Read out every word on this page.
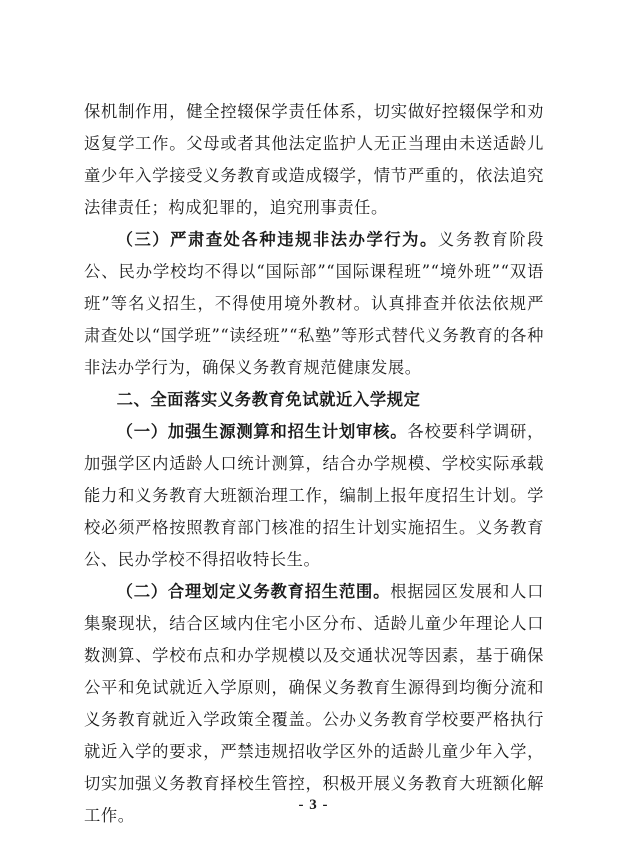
保机制作用，健全控辍保学责任体系，切实做好控辍保学和劝返复学工作。父母或者其他法定监护人无正当理由未送适龄儿童少年入学接受义务教育或造成辍学，情节严重的，依法追究法律责任；构成犯罪的，追究刑事责任。

（三）严肃查处各种违规非法办学行为。义务教育阶段公、民办学校均不得以“国际部”“国际课程班”“境外班”“双语班”等名义招生，不得使用境外教材。认真排查并依法依规严肃查处以“国学班”“读经班”“私塾”等形式替代义务教育的各种非法办学行为，确保义务教育规范健康发展。

二、全面落实义务教育免试就近入学规定

（一）加强生源测算和招生计划审核。各校要科学调研，加强学区内适龄人口统计测算，结合办学规模、学校实际承载能力和义务教育大班额治理工作，编制上报年度招生计划。学校必须严格按照教育部门核准的招生计划实施招生。义务教育公、民办学校不得招收特长生。

（二）合理划定义务教育招生范围。根据园区发展和人口集聚现状，结合区域内住宅小区分布、适龄儿童少年理论人口数测算、学校布点和办学规模以及交通状况等因素，基于确保公平和免试就近入学原则，确保义务教育生源得到均衡分流和义务教育就近入学政策全覆盖。公办义务教育学校要严格执行就近入学的要求，严禁违规招收学区外的适龄儿童少年入学，切实加强义务教育择校生管控，积极开展义务教育大班额化解工作。

- 3 -
